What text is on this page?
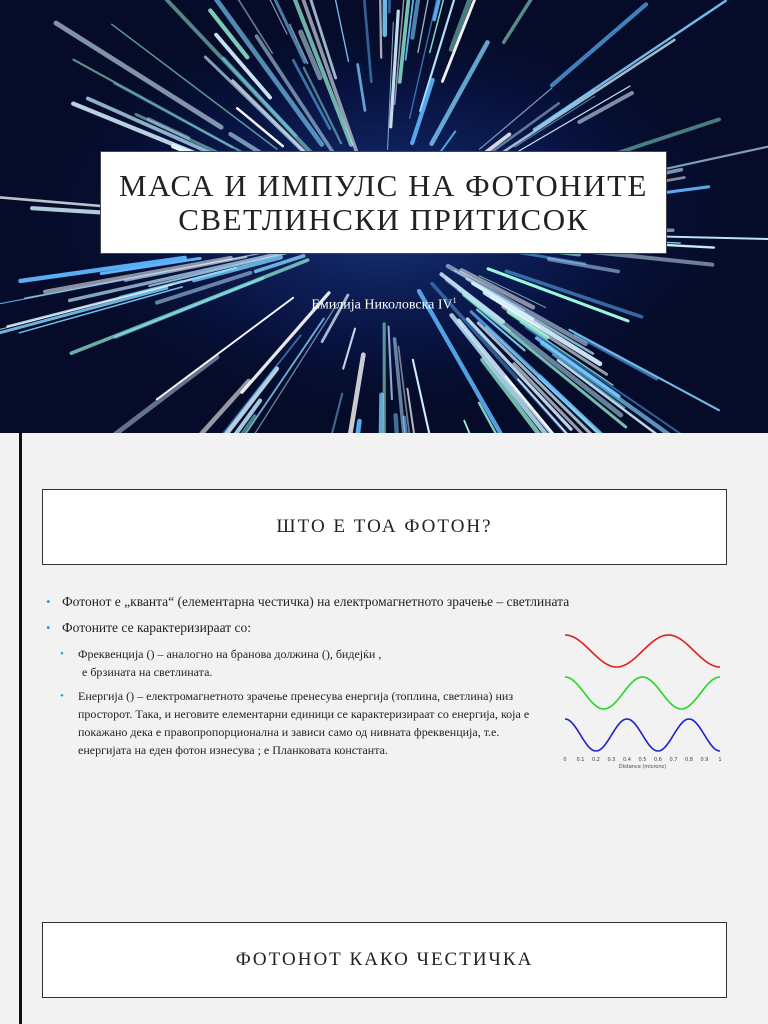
МАСА И ИМПУЛС НА ФОТОНИТЕ
СВЕТЛИНСКИ ПРИТИСОК
Емилија Николовска $IV^1$
ШТО Е ТОА ФОТОН?
• Фотонот е „кванта“ (елементарна честичка) на електромагнетното зрачење – светлината
• Фотоните се карактеризираат со:
• Фреквенција () – аналогно на бранова должина (), бидејќи ,
е брзината на светлината.
• Енергија () – електромагнетното зрачење пренесува енергија (топлина, светлина) низ просторот. Така, и неговите елементарни единици се карактеризираат со енергија, која е покажано дека е правопропорционална и зависи само од нивната фреквенција, т.е. енергијата на еден фотон изнесува ; е Планковата константа.
0 0.1 0.2 0.3 0.4 0.5 0.6 0.7 0.8 0.9 1
Distance (microns)
ФОТОНОТ КАКО ЧЕСТИЧКА
